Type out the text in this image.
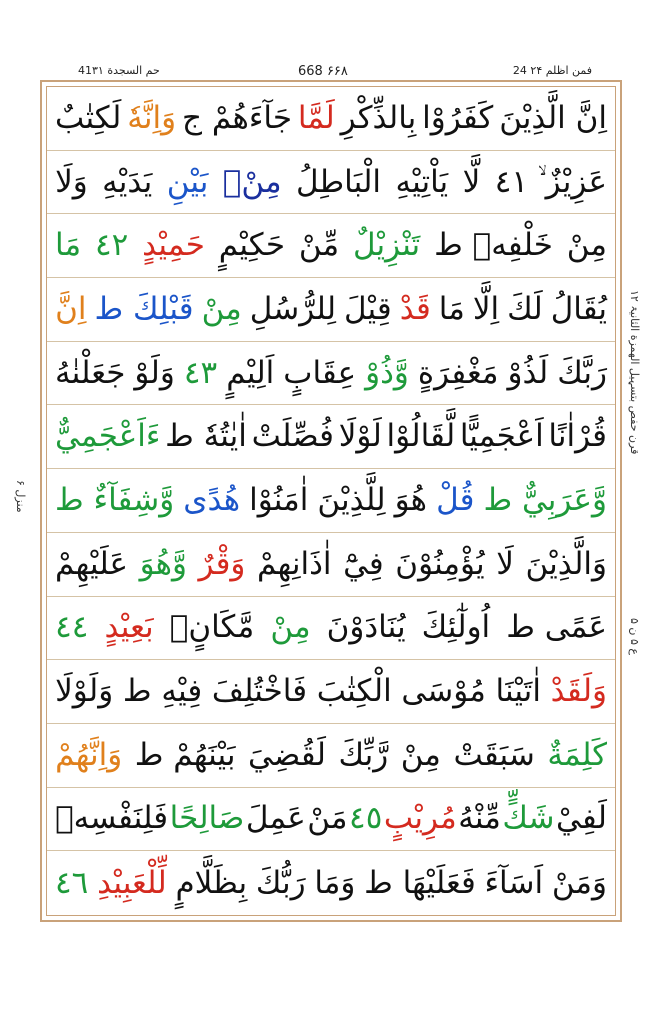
41حم السجدة ۳۱	668 ۶۶۸	24 فمن اظلم ۲۴
اِنَّ الَّذِيْنَ
كَفَرُوْا
بِالذِّكْرِ
لَمَّا
جَآءَهُمْ ج
وَاِنَّهٗ
لَكِتٰبٌ
عَزِيْزٌ ۙ ٤١
لَّا
يَاْتِيْهِ
الْبَاطِلُ
مِنْۢ
بَيْنِ
يَدَيْهِ
وَلَا
مِنْ
خَلْفِهٖ ط
تَنْزِيْلٌ
مِّنْ
حَكِيْمٍ
حَمِيْدٍ
٤٢
مَا
يُقَالُ
لَكَ
اِلَّا
مَا
قَدْ
قِيْلَ
لِلرُّسُلِ
مِنْ
قَبْلِكَ ط
اِنَّ
رَبَّكَ
لَذُوْ
مَغْفِرَةٍ
وَّذُوْ
عِقَابٍ
اَلِيْمٍ
٤٣
وَلَوْ
جَعَلْنٰهُ
قُرْاٰنًا
اَعْجَمِيًّا
لَّقَالُوْا
لَوْلَا
فُصِّلَتْ
اٰيٰتُهٗ ط
ءَاَعْجَمِيٌّ
وَّعَرَبِيٌّ ط
قُلْ
هُوَ
لِلَّذِيْنَ
اٰمَنُوْا
هُدًى
وَّشِفَآءٌ ط
وَالَّذِيْنَ
لَا
يُؤْمِنُوْنَ
فِيْٓ
اٰذَانِهِمْ
وَقْرٌ
وَّهُوَ
عَلَيْهِمْ
عَمًى ط
اُولٰٓئِكَ
يُنَادَوْنَ
مِنْ
مَّكَانٍۭ
بَعِيْدٍ
٤٤
وَلَقَدْ
اٰتَيْنَا
مُوْسَى
الْكِتٰبَ
فَاخْتُلِفَ
فِيْهِ ط
وَلَوْلَا
كَلِمَةٌ
سَبَقَتْ
مِنْ
رَّبِّكَ
لَقُضِيَ
بَيْنَهُمْ ط
وَاِنَّهُمْ
لَفِيْ
شَكٍّ
مِّنْهُ
مُرِيْبٍ
٤٥
مَنْ
عَمِلَ
صَالِحًا
فَلِنَفْسِهٖ
وَمَنْ
اَسَآءَ
فَعَلَيْهَا ط
وَمَا
رَبُّكَ
بِظَلَّامٍ
لِّلْعَبِيْدِ
٤٦
قرن حفص بتسہیل الھمزة الثانیۃ ۱۲
ع ۵ ن ۵
منزل ۶
